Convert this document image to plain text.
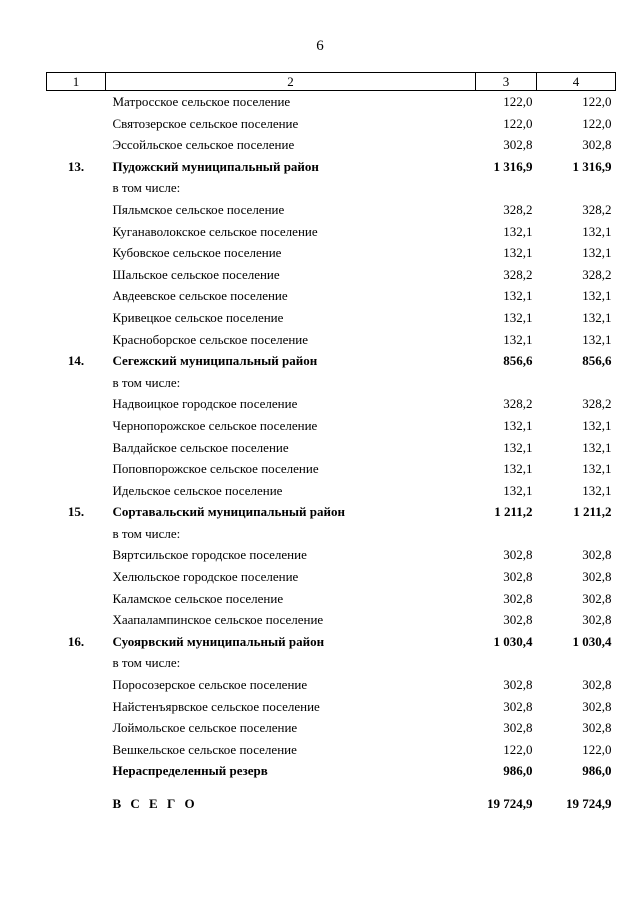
6
1	2	3	4
	Матросское сельское поселение	122,0	122,0
	Святозерское сельское поселение	122,0	122,0
	Эссойльское сельское поселение	302,8	302,8
13.	Пудожский муниципальный район	1 316,9	1 316,9
	в том числе:		
	Пяльмское сельское поселение	328,2	328,2
	Куганаволокское сельское поселение	132,1	132,1
	Кубовское сельское поселение	132,1	132,1
	Шальское сельское поселение	328,2	328,2
	Авдеевское сельское поселение	132,1	132,1
	Кривецкое сельское поселение	132,1	132,1
	Красноборское сельское поселение	132,1	132,1
14.	Сегежский муниципальный район	856,6	856,6
	в том числе:		
	Надвоицкое городское поселение	328,2	328,2
	Чернопорожское сельское поселение	132,1	132,1
	Валдайское сельское поселение	132,1	132,1
	Поповпорожское сельское поселение	132,1	132,1
	Идельское сельское поселение	132,1	132,1
15.	Сортавальский муниципальный район	1 211,2	1 211,2
	в том числе:		
	Вяртсильское городское поселение	302,8	302,8
	Хелюльское городское поселение	302,8	302,8
	Каламское сельское поселение	302,8	302,8
	Хаапалампинское сельское поселение	302,8	302,8
16.	Суоярвский муниципальный район	1 030,4	1 030,4
	в том числе:		
	Поросозерское сельское поселение	302,8	302,8
	Найстенъярвское сельское поселение	302,8	302,8
	Лоймольское сельское поселение	302,8	302,8
	Вешкельское сельское поселение	122,0	122,0
	Нераспределенный резерв	986,0	986,0
	В С Е Г О	19 724,9	19 724,9
